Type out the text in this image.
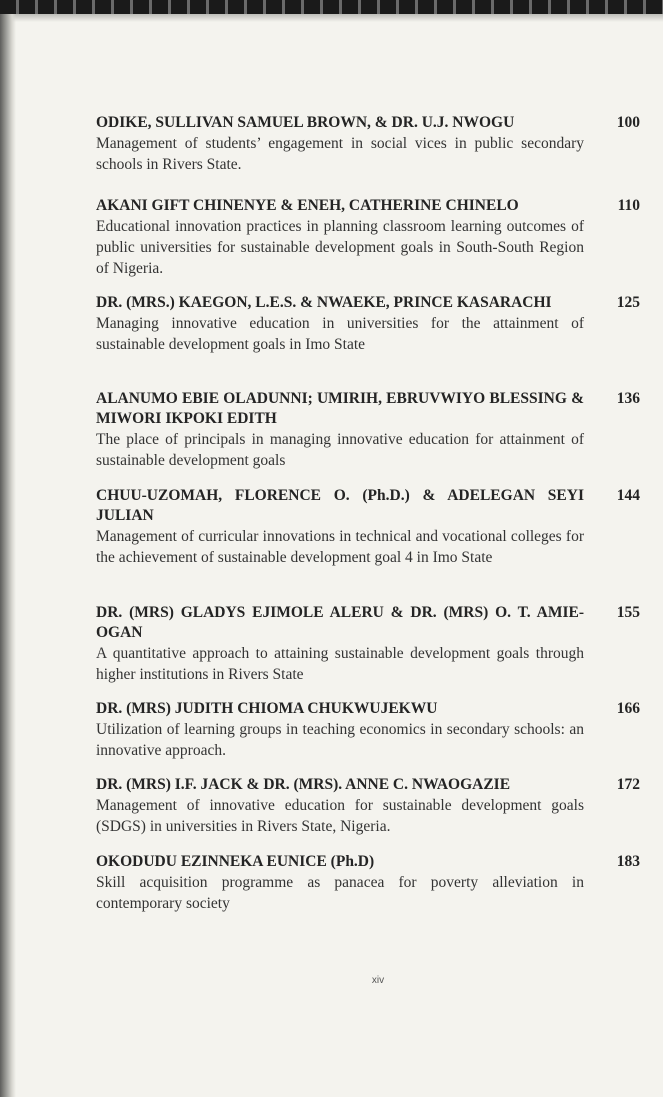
ODIKE, SULLIVAN SAMUEL BROWN, & DR. U.J. NWOGU
Management of students’ engagement in social vices in public secondary schools in Rivers State.
100
AKANI GIFT CHINENYE & ENEH, CATHERINE CHINELO
Educational innovation practices in planning classroom learning outcomes of public universities for sustainable development goals in South-South Region of Nigeria.
110
DR. (MRS.) KAEGON, L.E.S. & NWAEKE, PRINCE KASARACHI
Managing innovative education in universities for the attainment of sustainable development goals in Imo State
125
ALANUMO EBIE OLADUNNI; UMIRIH, EBRUVWIYO BLESSING & MIWORI IKPOKI EDITH
The place of principals in managing innovative education for attainment of sustainable development goals
136
CHUU-UZOMAH, FLORENCE O. (Ph.D.) & ADELEGAN SEYI JULIAN
Management of curricular innovations in technical and vocational colleges for the achievement of sustainable development goal 4 in Imo State
144
DR. (MRS) GLADYS EJIMOLE ALERU & DR. (MRS) O. T. AMIE-OGAN
A quantitative approach to attaining sustainable development goals through higher institutions in Rivers State
155
DR. (MRS) JUDITH CHIOMA CHUKWUJEKWU
Utilization of learning groups in teaching economics in secondary schools: an innovative approach.
166
DR. (MRS) I.F. JACK & DR. (MRS). ANNE C. NWAOGAZIE
Management of innovative education for sustainable development goals (SDGS) in universities in Rivers State, Nigeria.
172
OKODUDU EZINNEKA EUNICE (Ph.D)
Skill acquisition programme as panacea for poverty alleviation in contemporary society
183
xiv
